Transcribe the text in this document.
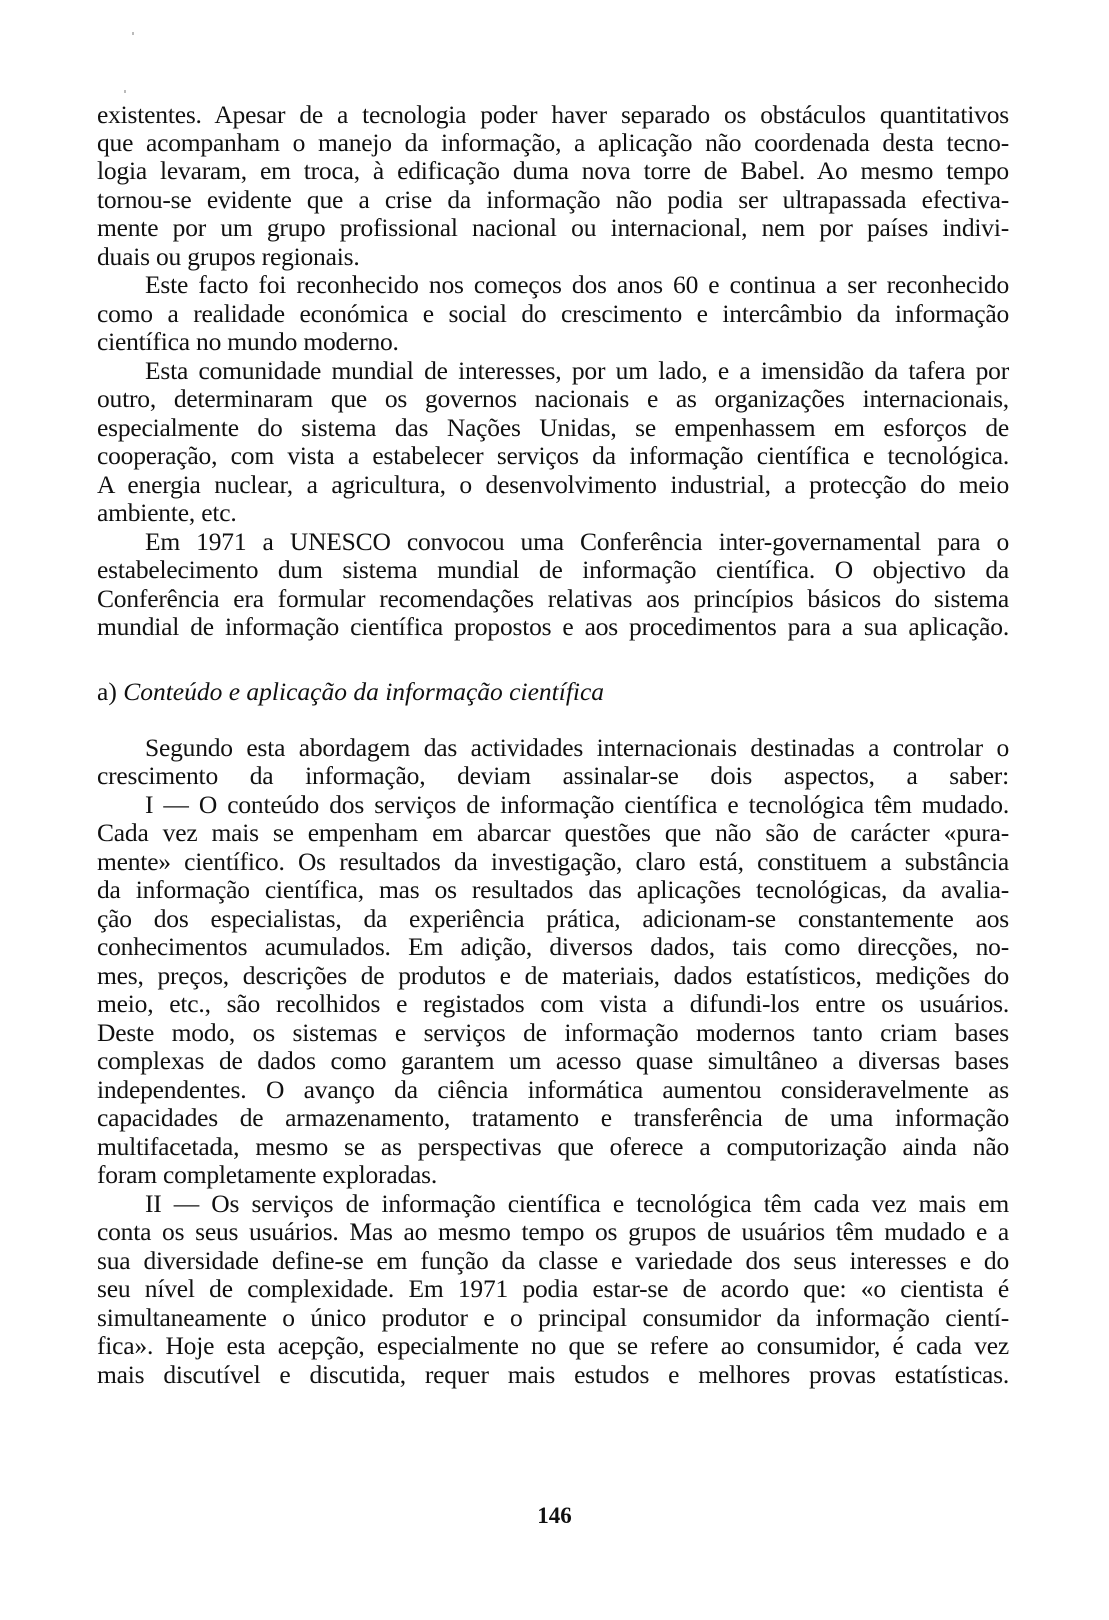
existentes. Apesar de a tecnologia poder haver separado os obstáculos quantitativos
que acompanham o manejo da informação, a aplicação não coordenada desta tecno-
logia levaram, em troca, à edificação duma nova torre de Babel. Ao mesmo tempo
tornou-se evidente que a crise da informação não podia ser ultrapassada efectiva-
mente por um grupo profissional nacional ou internacional, nem por países indivi-
duais ou grupos regionais.
Este facto foi reconhecido nos começos dos anos 60 e continua a ser reconhecido
como a realidade económica e social do crescimento e intercâmbio da informação
científica no mundo moderno.
Esta comunidade mundial de interesses, por um lado, e a imensidão da tafera por
outro, determinaram que os governos nacionais e as organizações internacionais,
especialmente do sistema das Nações Unidas, se empenhassem em esforços de
cooperação, com vista a estabelecer serviços da informação científica e tecnológica.
A energia nuclear, a agricultura, o desenvolvimento industrial, a protecção do meio
ambiente, etc.
Em 1971 a UNESCO convocou uma Conferência inter-governamental para o
estabelecimento dum sistema mundial de informação científica. O objectivo da
Conferência era formular recomendações relativas aos princípios básicos do sistema
mundial de informação científica propostos e aos procedimentos para a sua aplicação.
Segundo esta abordagem das actividades internacionais destinadas a controlar o
crescimento da informação, deviam assinalar-se dois aspectos, a saber:
I — O conteúdo dos serviços de informação científica e tecnológica têm mudado.
Cada vez mais se empenham em abarcar questões que não são de carácter «pura-
mente» científico. Os resultados da investigação, claro está, constituem a substância
da informação científica, mas os resultados das aplicações tecnológicas, da avalia-
ção dos especialistas, da experiência prática, adicionam-se constantemente aos
conhecimentos acumulados. Em adição, diversos dados, tais como direcções, no-
mes, preços, descrições de produtos e de materiais, dados estatísticos, medições do
meio, etc., são recolhidos e registados com vista a difundi-los entre os usuários.
Deste modo, os sistemas e serviços de informação modernos tanto criam bases
complexas de dados como garantem um acesso quase simultâneo a diversas bases
independentes. O avanço da ciência informática aumentou consideravelmente as
capacidades de armazenamento, tratamento e transferência de uma informação
multifacetada, mesmo se as perspectivas que oferece a computorização ainda não
foram completamente exploradas.
II — Os serviços de informação científica e tecnológica têm cada vez mais em
conta os seus usuários. Mas ao mesmo tempo os grupos de usuários têm mudado e a
sua diversidade define-se em função da classe e variedade dos seus interesses e do
seu nível de complexidade. Em 1971 podia estar-se de acordo que: «o cientista é
simultaneamente o único produtor e o principal consumidor da informação cientí-
fica». Hoje esta acepção, especialmente no que se refere ao consumidor, é cada vez
mais discutível e discutida, requer mais estudos e melhores provas estatísticas.
a) Conteúdo e aplicação da informação científica
146
